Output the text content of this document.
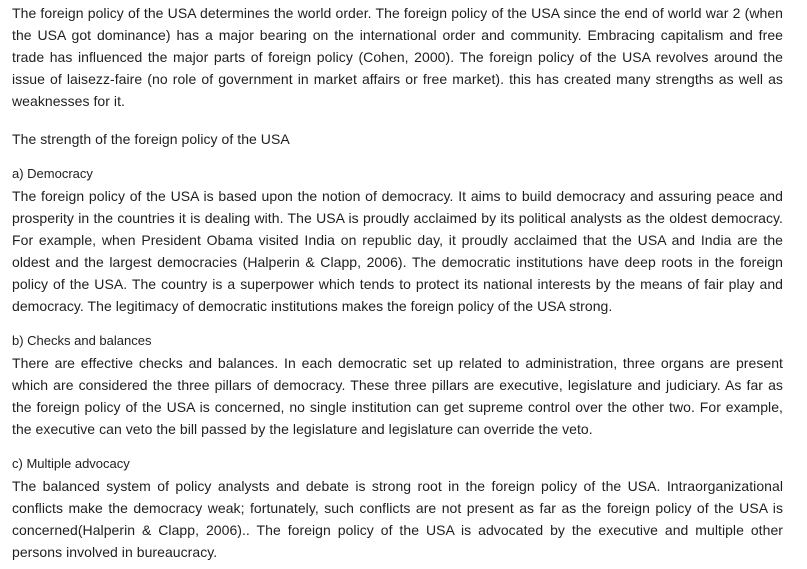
The foreign policy of the USA determines the world order. The foreign policy of the USA since the end of world war 2 (when the USA got dominance) has a major bearing on the international order and community. Embracing capitalism and free trade has influenced the major parts of foreign policy (Cohen, 2000). The foreign policy of the USA revolves around the issue of laisezz-faire (no role of government in market affairs or free market). this has created many strengths as well as weaknesses for it.

The strength of the foreign policy of the USA

a) Democracy

The foreign policy of the USA is based upon the notion of democracy. It aims to build democracy and assuring peace and prosperity in the countries it is dealing with. The USA is proudly acclaimed by its political analysts as the oldest democracy. For example, when President Obama visited India on republic day, it proudly acclaimed that the USA and India are the oldest and the largest democracies (Halperin & Clapp, 2006). The democratic institutions have deep roots in the foreign policy of the USA. The country is a superpower which tends to protect its national interests by the means of fair play and democracy. The legitimacy of democratic institutions makes the foreign policy of the USA strong.

b) Checks and balances

There are effective checks and balances. In each democratic set up related to administration, three organs are present which are considered the three pillars of democracy. These three pillars are executive, legislature and judiciary. As far as the foreign policy of the USA is concerned, no single institution can get supreme control over the other two. For example, the executive can veto the bill passed by the legislature and legislature can override the veto.

c) Multiple advocacy

The balanced system of policy analysts and debate is strong root in the foreign policy of the USA. Intraorganizational conflicts make the democracy weak; fortunately, such conflicts are not present as far as the foreign policy of the USA is concerned(Halperin & Clapp, 2006).. The foreign policy of the USA is advocated by the executive and multiple other persons involved in bureaucracy.
